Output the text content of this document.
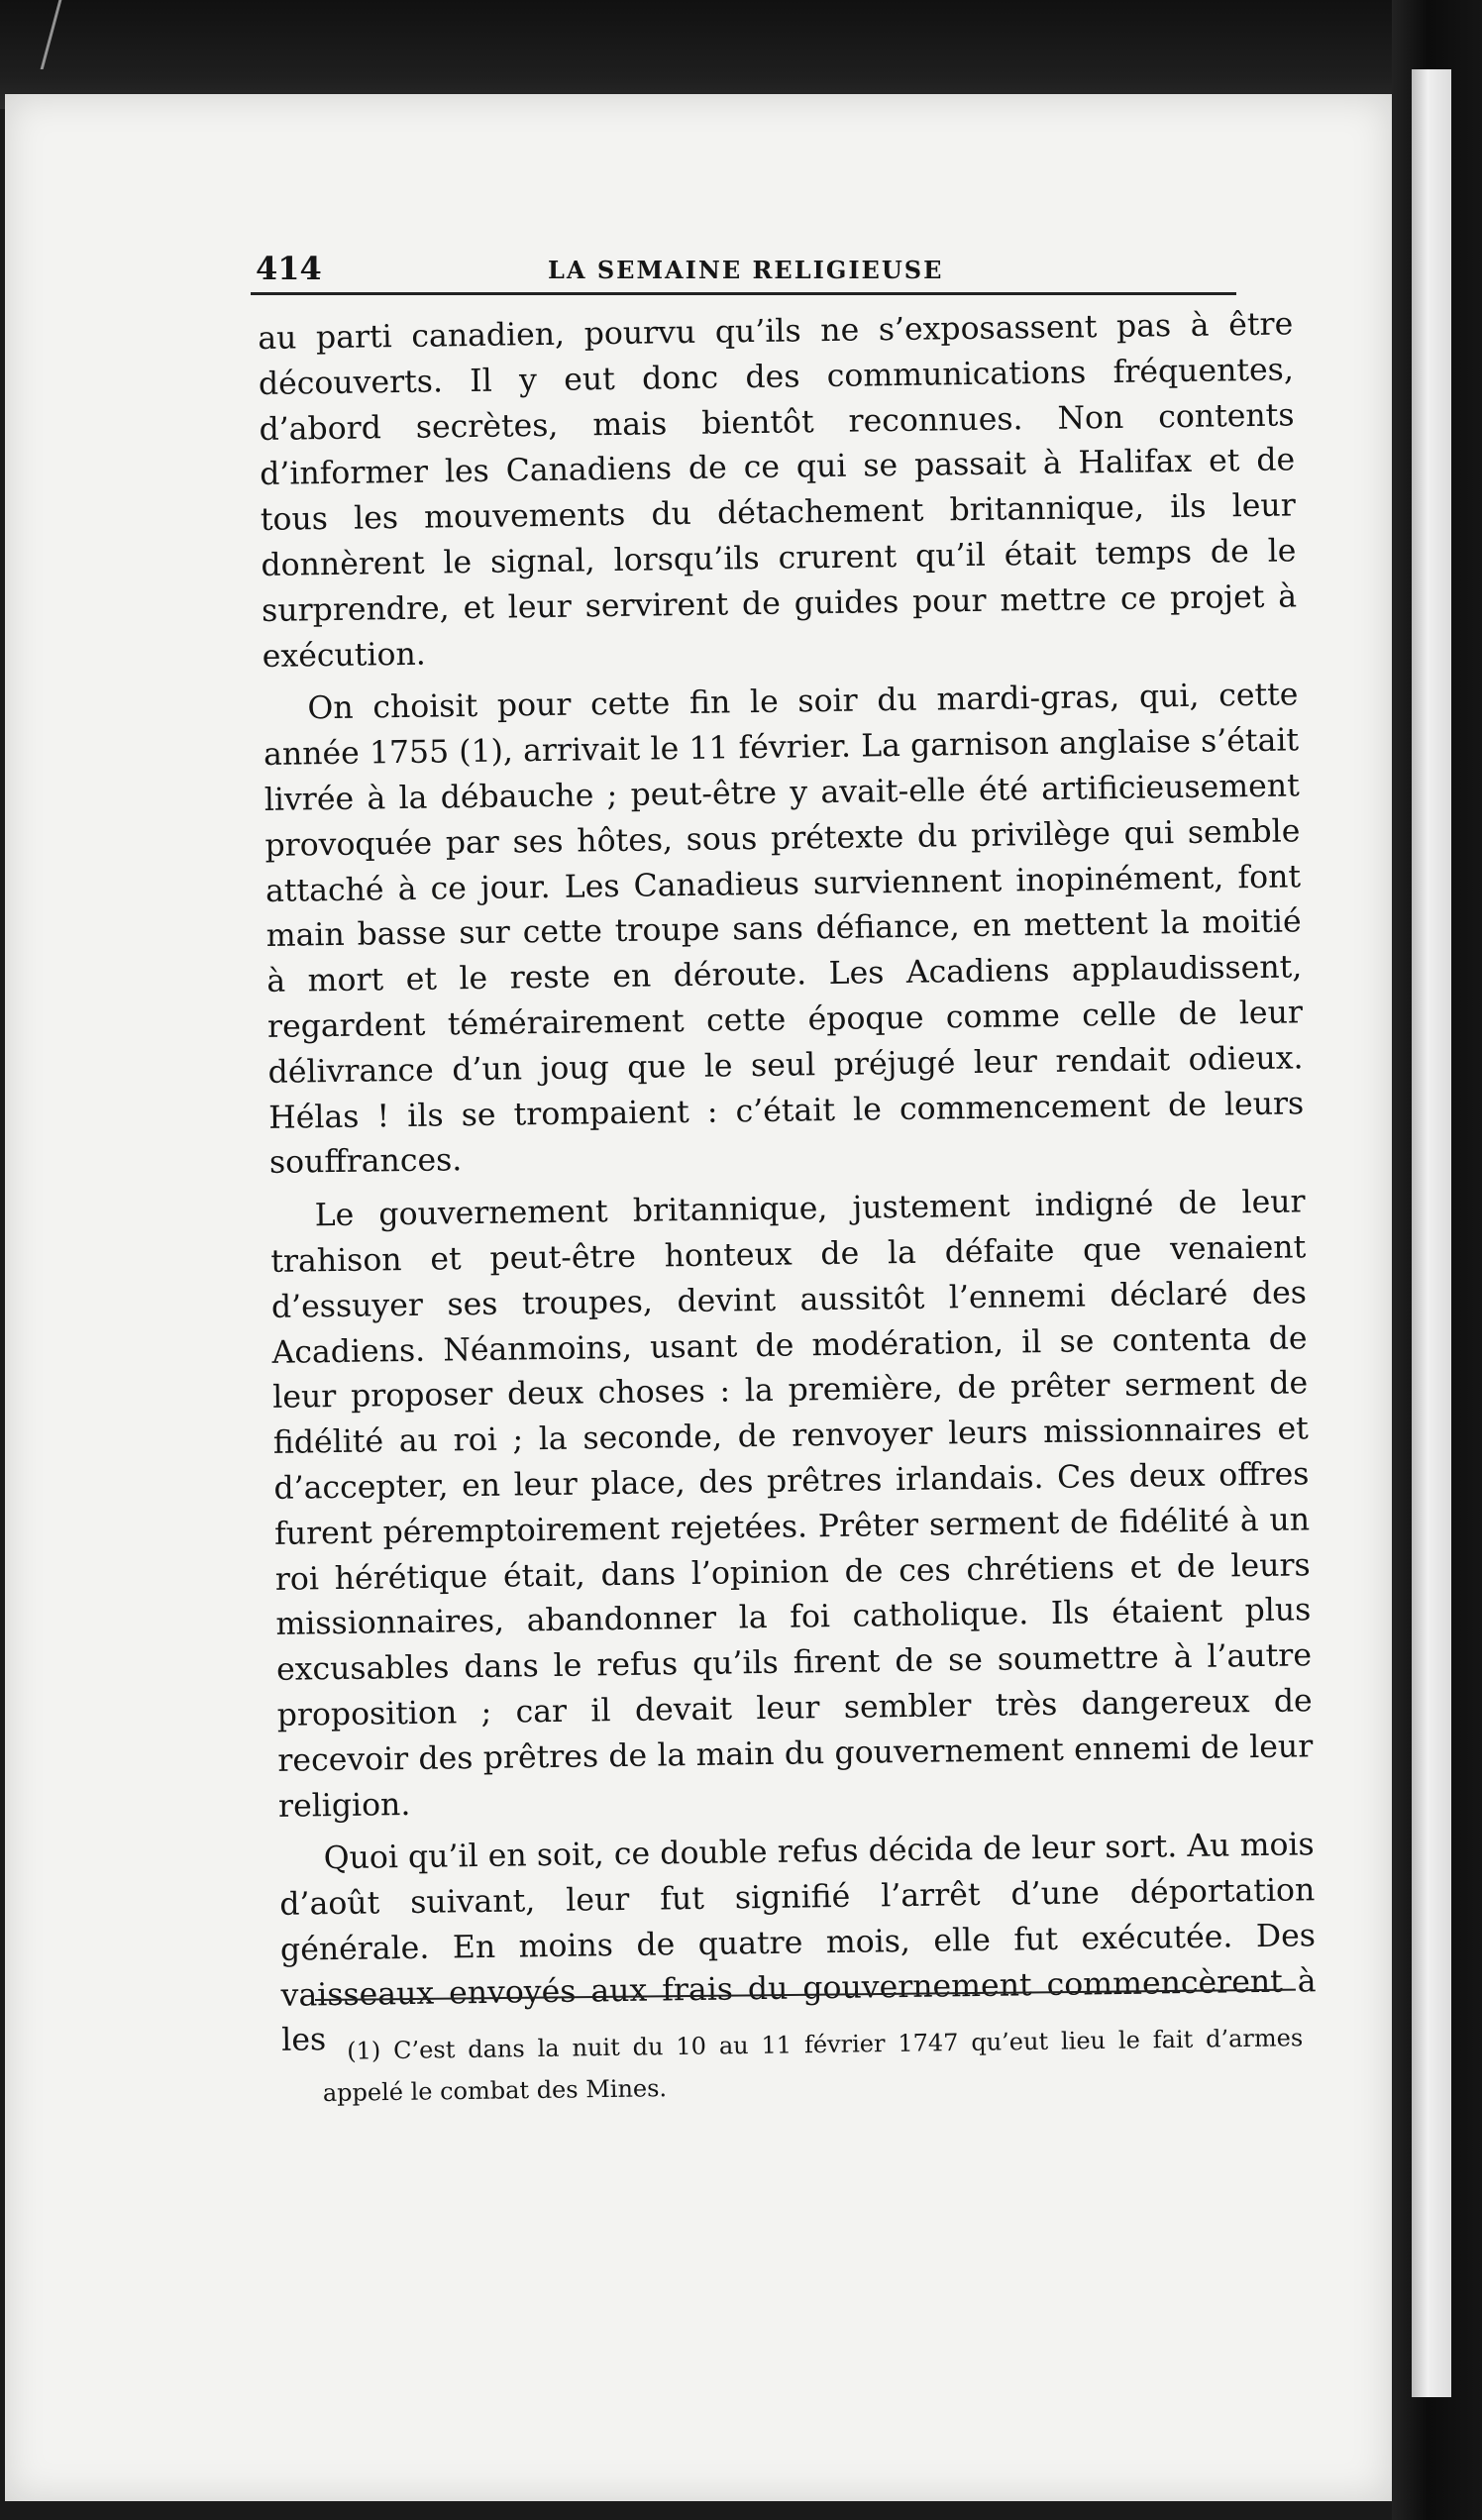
414	LA SEMAINE RELIGIEUSE

au parti canadien, pourvu qu’ils ne s’exposassent pas à être découverts. Il y eut donc des communications fréquentes, d’abord secrètes, mais bientôt reconnues. Non contents d’informer les Canadiens de ce qui se passait à Halifax et de tous les mouvements du détachement britannique, ils leur donnèrent le signal, lorsqu’ils crurent qu’il était temps de le surprendre, et leur servirent de guides pour mettre ce projet à exécution.

On choisit pour cette fin le soir du mardi-gras, qui, cette année 1755 (1), arrivait le 11 février. La garnison anglaise s’était livrée à la débauche ; peut-être y avait-elle été artificieusement provoquée par ses hôtes, sous prétexte du privilège qui semble attaché à ce jour. Les Canadieus surviennent inopinément, font main basse sur cette troupe sans défiance, en mettent la moitié à mort et le reste en déroute. Les Acadiens applaudissent, regardent témérairement cette époque comme celle de leur délivrance d’un joug que le seul préjugé leur rendait odieux. Hélas ! ils se trompaient : c’était le commencement de leurs souffrances.

Le gouvernement britannique, justement indigné de leur trahison et peut-être honteux de la défaite que venaient d’essuyer ses troupes, devint aussitôt l’ennemi déclaré des Acadiens. Néanmoins, usant de modération, il se contenta de leur proposer deux choses : la première, de prêter serment de fidélité au roi ; la seconde, de renvoyer leurs missionnaires et d’accepter, en leur place, des prêtres irlandais. Ces deux offres furent péremptoirement rejetées. Prêter serment de fidélité à un roi hérétique était, dans l’opinion de ces chrétiens et de leurs missionnaires, abandonner la foi catholique. Ils étaient plus excusables dans le refus qu’ils firent de se soumettre à l’autre proposition ; car il devait leur sembler très dangereux de recevoir des prêtres de la main du gouvernement ennemi de leur religion.

Quoi qu’il en soit, ce double refus décida de leur sort. Au mois d’août suivant, leur fut signifié l’arrêt d’une déportation générale. En moins de quatre mois, elle fut exécutée. Des vaisseaux envoyés aux frais du gouvernement commencèrent à les (1) C’est dans la nuit du 10 au 11 février 1747 qu’eut lieu le fait d’armes appelé le combat des Mines.
